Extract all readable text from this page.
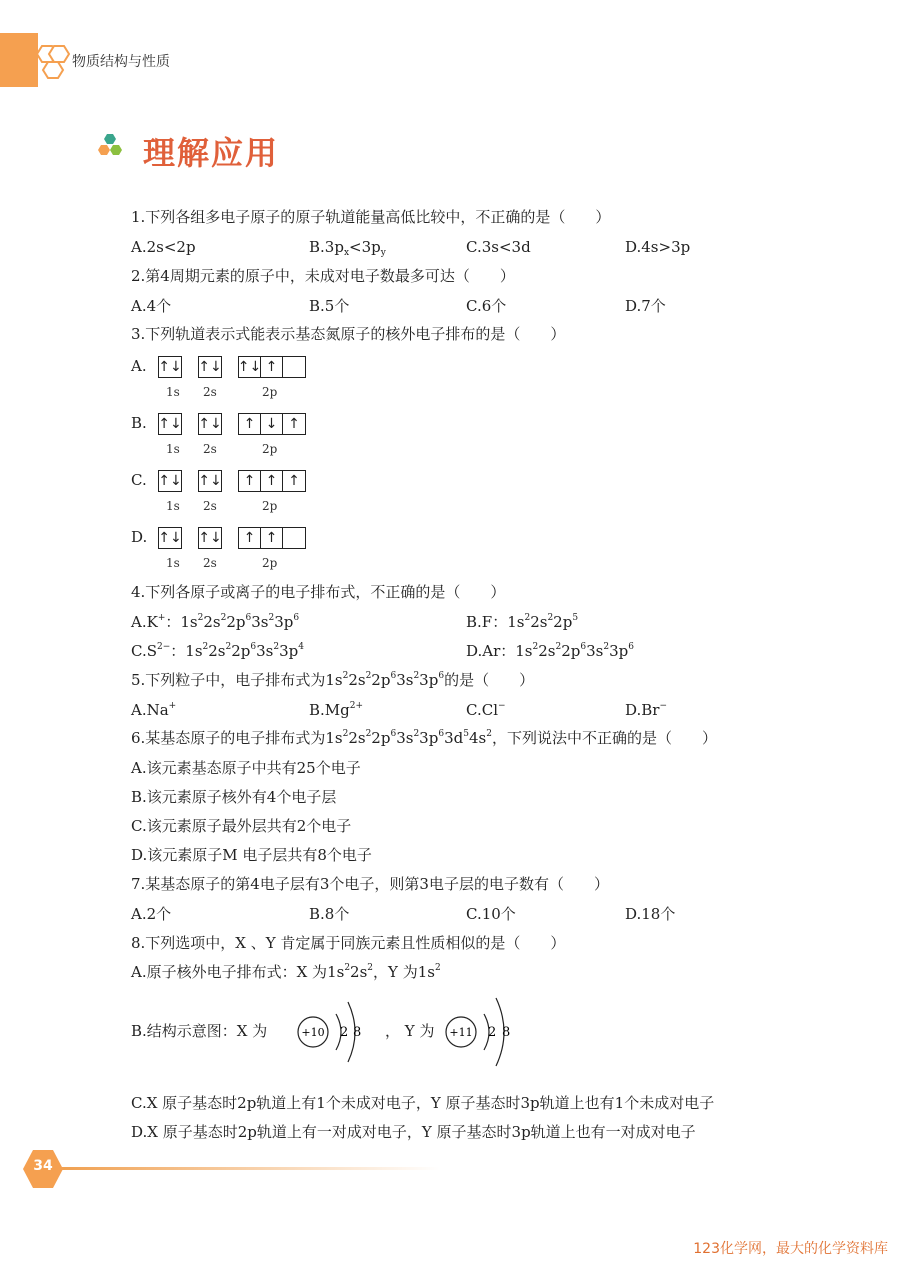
物质结构与性质
理解应用
1.下列各组多电子原子的原子轨道能量高低比较中，不正确的是（　　）
A.2s<2p	$B.3p_x<3p_y$	C.3s<3d	D.4s>3p
2.第4周期元素的原子中，未成对电子数最多可达（　　）
A.4个	B.5个	C.6个	D.7个
3.下列轨道表示式能表示基态氮原子的核外电子排布的是（　　）
A. ↑↓ ↑↓ ↑↓ ↑
1s 2s	2p
B. ↑↓ ↑↓	↑ ↓ ↑
1s 2s	2p
C. ↑↓ ↑↓	↑ ↑ ↑
1s 2s	2p
D. ↑↓ ↑↓	↑ ↑
1s 2s	2p
4.下列各原子或离子的电子排布式，不正确的是（　　）
A.K+：$1s^22s^22p^63s^23p^6$	B.F：$1s^22s^22p^5$
$C.S^{2-}$：$1s^22s^22p^63s^23p^4$	D.Ar：$1s^22s^22p^63s^23p^6$
5.下列粒子中，电子排布式为$1s^22s^22p^63s^23p^6$的是（　　）
A.Na+	$B.Mg^{2+}$	C.Cl−	D.Br−
6.某基态原子的电子排布式为$1s^22s^22p^63s^23p^63d^54s^2$，下列说法中不正确的是（　　）
A.该元素基态原子中共有25个电子
B.该元素原子核外有4个电子层
C.该元素原子最外层共有2个电子
D.该元素原子M 电子层共有8个电子
7.某基态原子的第4电子层有3个电子，则第3电子层的电子数有（　　）
A.2个	B.8个	C.10个	D.18个
8.下列选项中，X 、Y 肯定属于同族元素且性质相似的是（　　）
A.原子核外电子排布式：X 为$1s^22s^2$，Y 为$1s^2$
B.结构示意图：X 为	+10 2 8 ， Y 为 +11 2 8
C.X 原子基态时2p轨道上有1个未成对电子，Y 原子基态时3p轨道上也有1个未成对电子
D.X 原子基态时2p轨道上有一对成对电子，Y 原子基态时3p轨道上也有一对成对电子
34
123化学网，最大的化学资料库
